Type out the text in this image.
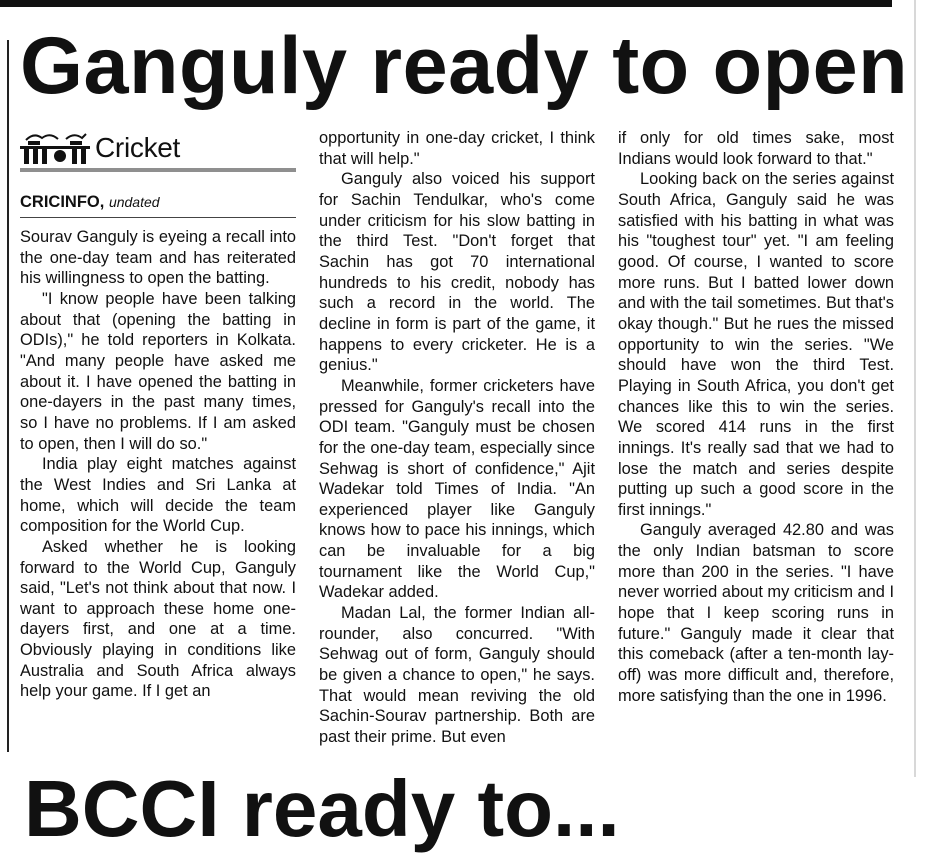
Ganguly ready to open
Cricket
CRICINFO, undated

Sourav Ganguly is eyeing a recall into the one-day team and has reiterated his willingness to open the batting.

"I know people have been talking about that (opening the batting in ODIs)," he told reporters in Kolkata. "And many people have asked me about it. I have opened the batting in one-dayers in the past many times, so I have no problems. If I am asked to open, then I will do so."

India play eight matches against the West Indies and Sri Lanka at home, which will decide the team composition for the World Cup.

Asked whether he is looking forward to the World Cup, Ganguly said, "Let's not think about that now. I want to approach these home one-dayers first, and one at a time. Obviously playing in conditions like Australia and South Africa always help your game. If I get an

opportunity in one-day cricket, I think that will help."

Ganguly also voiced his support for Sachin Tendulkar, who's come under criticism for his slow batting in the third Test. "Don't forget that Sachin has got 70 international hundreds to his credit, nobody has such a record in the world. The decline in form is part of the game, it happens to every cricketer. He is a genius."

Meanwhile, former cricketers have pressed for Ganguly's recall into the ODI team. "Ganguly must be chosen for the one-day team, especially since Sehwag is short of confidence," Ajit Wadekar told Times of India. "An experienced player like Ganguly knows how to pace his innings, which can be invaluable for a big tournament like the World Cup," Wadekar added.

Madan Lal, the former Indian all-rounder, also concurred. "With Sehwag out of form, Ganguly should be given a chance to open," he says. That would mean reviving the old Sachin-Sourav partnership. Both are past their prime. But even

if only for old times sake, most Indians would look forward to that."

Looking back on the series against South Africa, Ganguly said he was satisfied with his batting in what was his "toughest tour" yet. "I am feeling good. Of course, I wanted to score more runs. But I batted lower down and with the tail sometimes. But that's okay though." But he rues the missed opportunity to win the series. "We should have won the third Test. Playing in South Africa, you don't get chances like this to win the series. We scored 414 runs in the first innings. It's really sad that we had to lose the match and series despite putting up such a good score in the first innings."

Ganguly averaged 42.80 and was the only Indian batsman to score more than 200 in the series. "I have never worried about my criticism and I hope that I keep scoring runs in future." Ganguly made it clear that this comeback (after a ten-month lay-off) was more difficult and, therefore, more satisfying than the one in 1996.

BCCI ready to...
